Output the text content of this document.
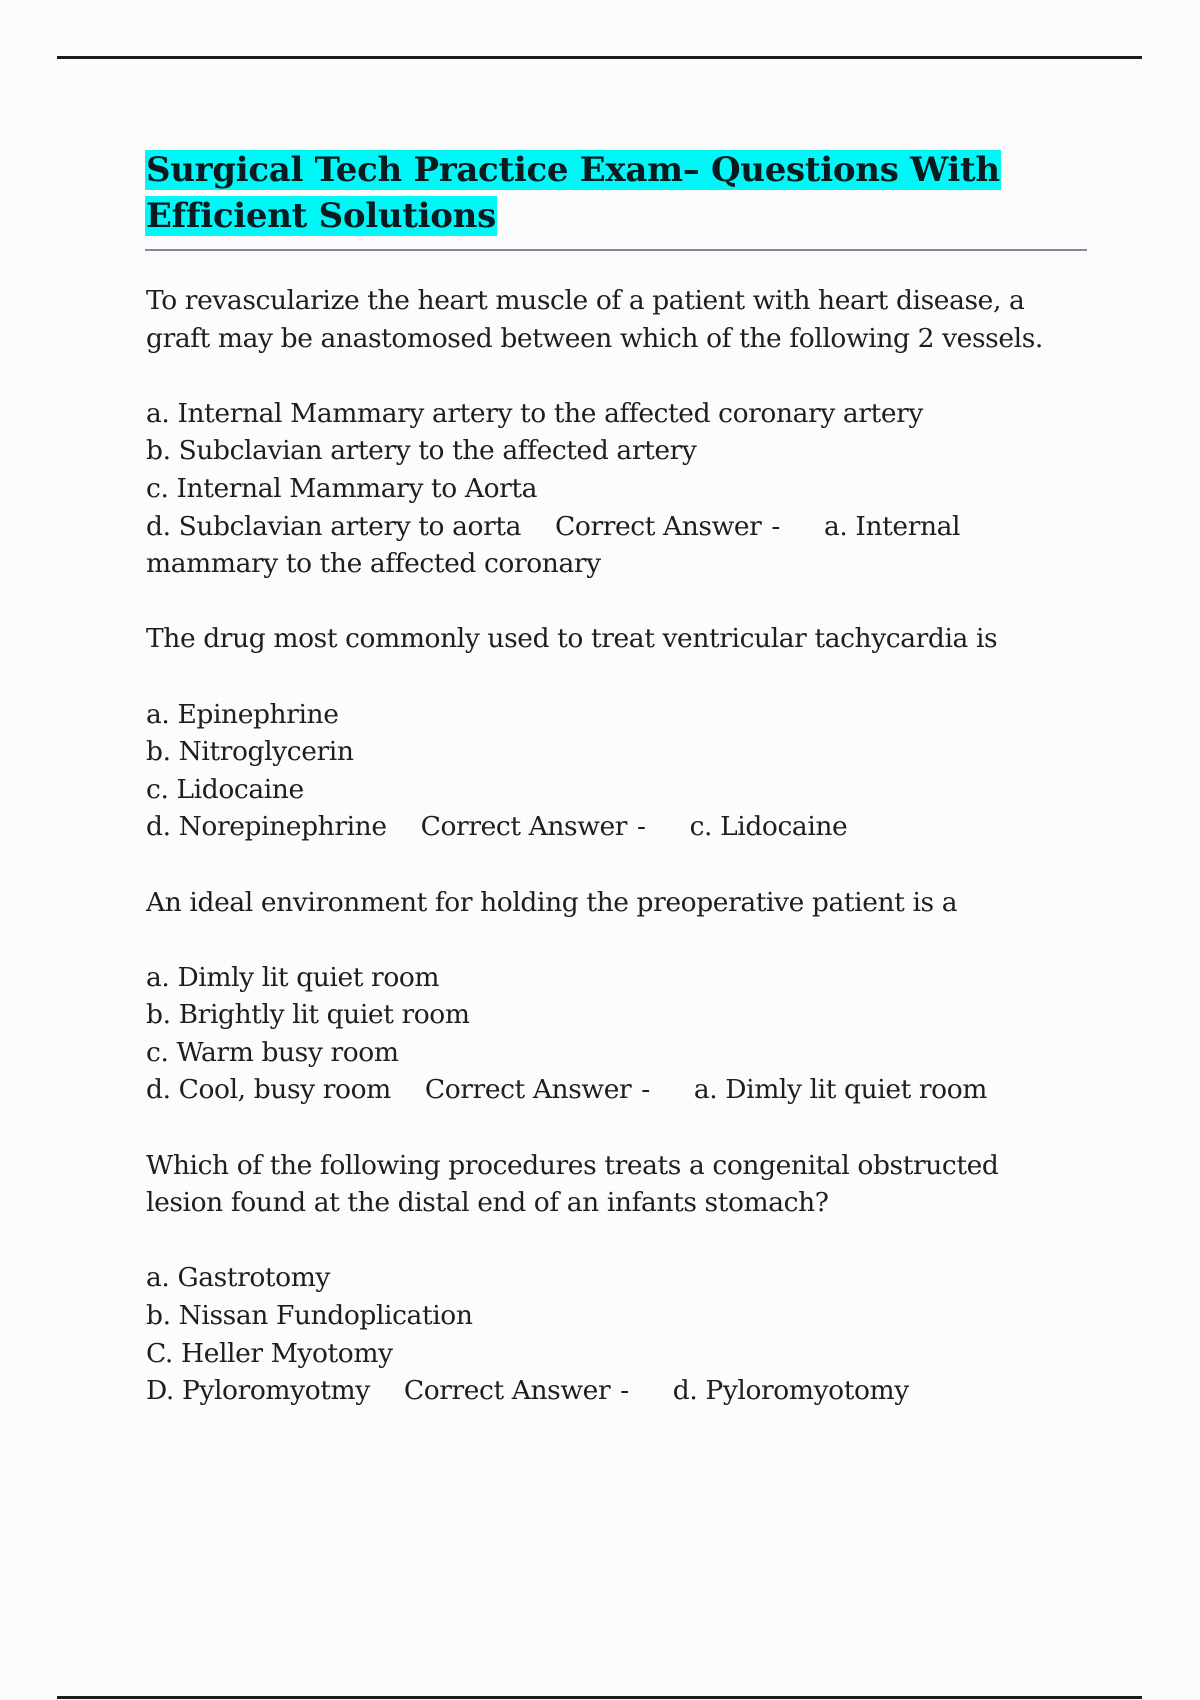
Surgical Tech Practice Exam– Questions With
Efficient Solutions

To revascularize the heart muscle of a patient with heart disease, a
graft may be anastomosed between which of the following 2 vessels.

a. Internal Mammary artery to the affected coronary artery
b. Subclavian artery to the affected artery
c. Internal Mammary to Aorta
d. Subclavian artery to aorta Correct Answer - a. Internal
mammary to the affected coronary

The drug most commonly used to treat ventricular tachycardia is

a. Epinephrine
b. Nitroglycerin
c. Lidocaine
d. Norepinephrine Correct Answer - c. Lidocaine

An ideal environment for holding the preoperative patient is a

a. Dimly lit quiet room
b. Brightly lit quiet room
c. Warm busy room
d. Cool, busy room Correct Answer - a. Dimly lit quiet room

Which of the following procedures treats a congenital obstructed
lesion found at the distal end of an infants stomach?

a. Gastrotomy
b. Nissan Fundoplication
C. Heller Myotomy
D. Pyloromyotmy Correct Answer - d. Pyloromyotomy
